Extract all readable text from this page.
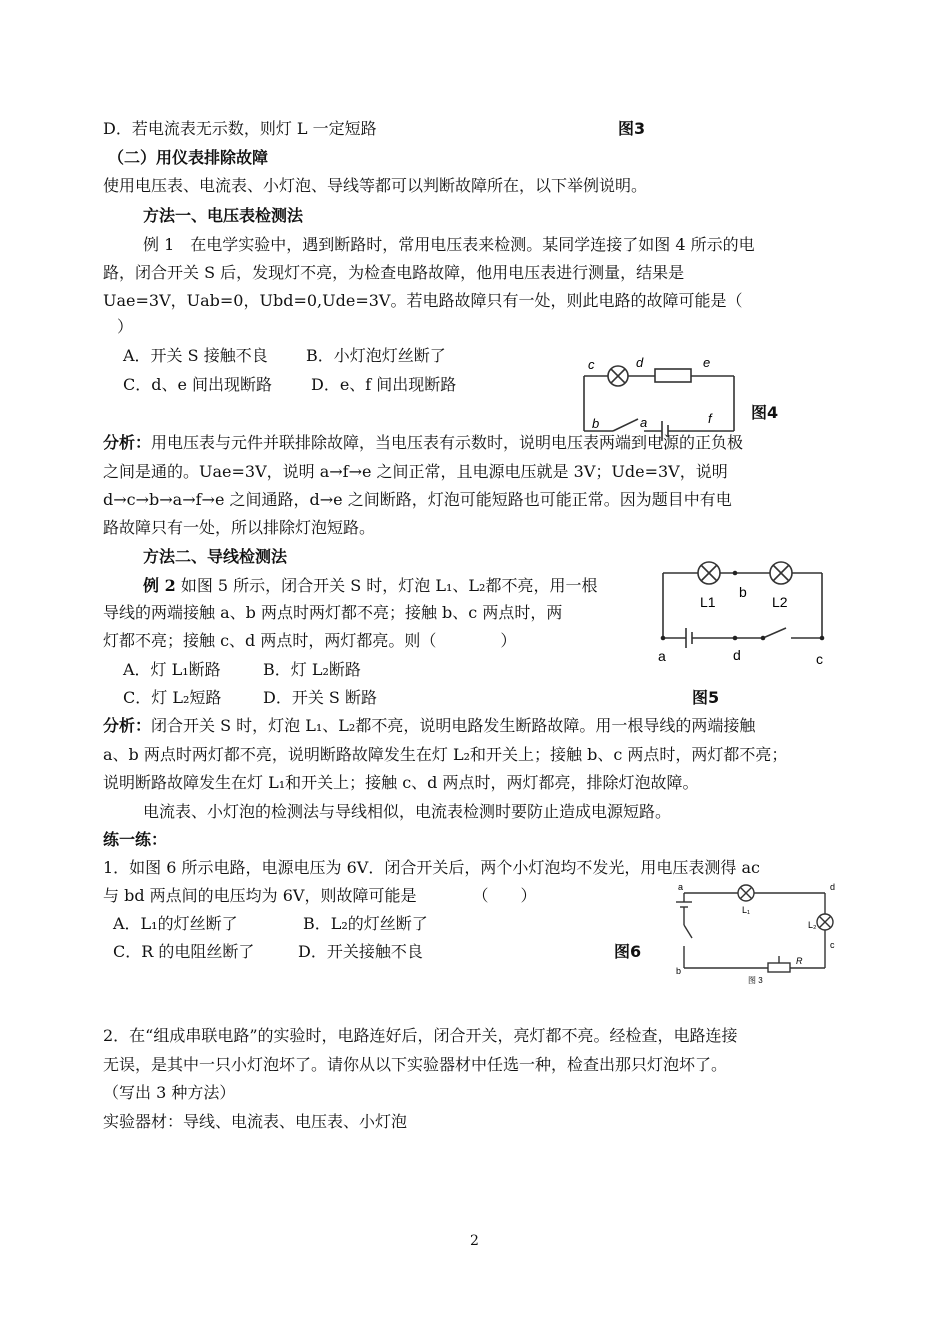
D．若电流表无示数，则灯 L 一定短路	图3
（二）用仪表排除故障
使用电压表、电流表、小灯泡、导线等都可以判断故障所在，以下举例说明。
方法一、电压表检测法
例 1　在电学实验中，遇到断路时，常用电压表来检测。某同学连接了如图 4 所示的电
路，闭合开关 S 后，发现灯不亮，为检查电路故障，他用电压表进行测量，结果是
Uae=3V，Uab=0，Ubd=0,Ude=3V。若电路故障只有一处，则此电路的故障可能是（
）
A．开关 S 接触不良 B．小灯泡灯丝断了
C．d、e 间出现断路 D．e、f 间出现断路
图4
c	d	e
b	a	f
分析：用电压表与元件并联排除故障，当电压表有示数时，说明电压表两端到电源的正负极
之间是通的。Uae=3V，说明 a→f→e 之间正常，且电源电压就是 3V；Ude=3V，说明
d→c→b→a→f→e 之间通路，d→e 之间断路，灯泡可能短路也可能正常。因为题目中有电
路故障只有一处，所以排除灯泡短路。
方法二、导线检测法
例 2 如图 5 所示，闭合开关 S 时，灯泡 L₁、L₂都不亮，用一根
导线的两端接触 a、b 两点时两灯都不亮；接触 b、c 两点时，两
灯都不亮；接触 c、d 两点时，两灯都亮。则（　　　　）
A．灯 L₁断路	B．灯 L₂断路
C．灯 L₂短路	D．开关 S 断路	图5
L1
b
L2
a	d	c
分析：闭合开关 S 时，灯泡 L₁、L₂都不亮，说明电路发生断路故障。用一根导线的两端接触
a、b 两点时两灯都不亮，说明断路故障发生在灯 L₂和开关上；接触 b、c 两点时，两灯都不亮；
说明断路故障发生在灯 L₁和开关上；接触 c、d 两点时，两灯都亮，排除灯泡故障。
电流表、小灯泡的检测法与导线相似，电流表检测时要防止造成电源短路。
练一练：
1．如图 6 所示电路，电源电压为 6V．闭合开关后，两个小灯泡均不发光，用电压表测得 ac
与 bd 两点间的电压均为 6V，则故障可能是　　　　（　　）
A．L₁的灯丝断了	B．L₂的灯丝断了
C．R 的电阻丝断了	D．开关接触不良	图6
a	d
L₁
L₂
c
b
R
图 3
2．在“组成串联电路”的实验时，电路连好后，闭合开关，亮灯都不亮。经检查，电路连接
无误，是其中一只小灯泡坏了。请你从以下实验器材中任选一种，检查出那只灯泡坏了。
（写出 3 种方法）
实验器材：导线、电流表、电压表、小灯泡
2
